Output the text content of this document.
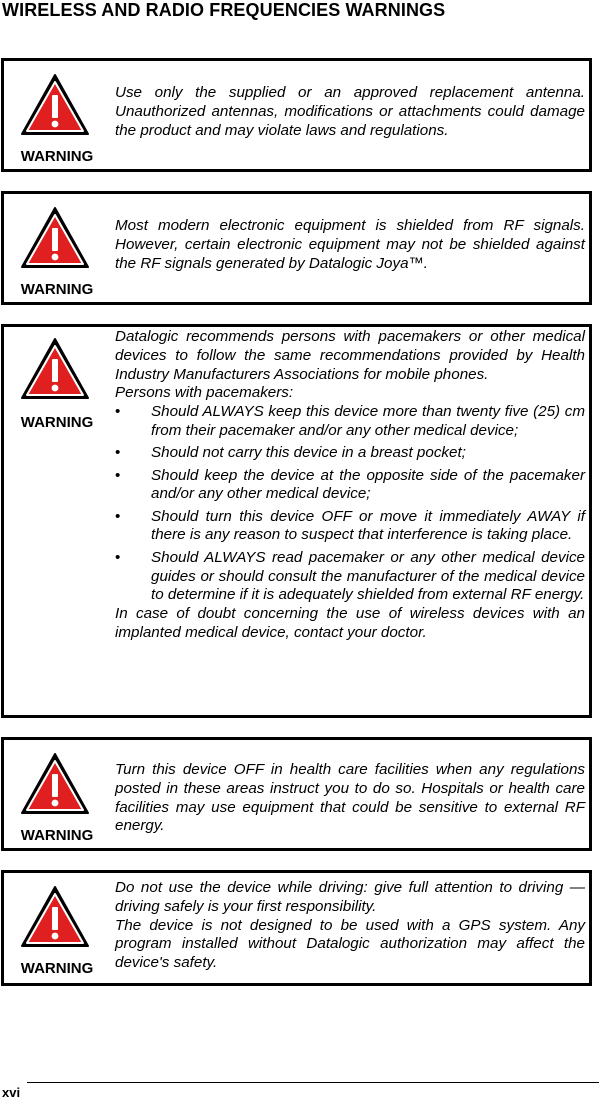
WIRELESS AND RADIO FREQUENCIES WARNINGS
WARNING

Use only the supplied or an approved replacement antenna. Unauthorized antennas, modifications or attachments could damage the product and may violate laws and regulations.

WARNING

Most modern electronic equipment is shielded from RF signals. However, certain electronic equipment may not be shielded against the RF signals generated by Datalogic Joya™.

WARNING

Datalogic recommends persons with pacemakers or other medical devices to follow the same recommendations provided by Health Industry Manufacturers Associations for mobile phones.

Persons with pacemakers:

• Should ALWAYS keep this device more than twenty five (25) cm from their pacemaker and/or any other medical device;
• Should not carry this device in a breast pocket;
• Should keep the device at the opposite side of the pacemaker and/or any other medical device;
• Should turn this device OFF or move it immediately AWAY if there is any reason to suspect that interference is taking place.
• Should ALWAYS read pacemaker or any other medical device guides or should consult the manufacturer of the medical device to determine if it is adequately shielded from external RF energy.

In case of doubt concerning the use of wireless devices with an implanted medical device, contact your doctor.

WARNING

Turn this device OFF in health care facilities when any regulations posted in these areas instruct you to do so. Hospitals or health care facilities may use equipment that could be sensitive to external RF energy.

WARNING

Do not use the device while driving: give full attention to driving — driving safely is your first responsibility.

The device is not designed to be used with a GPS system. Any program installed without Datalogic authorization may affect the device's safety.

xvi
